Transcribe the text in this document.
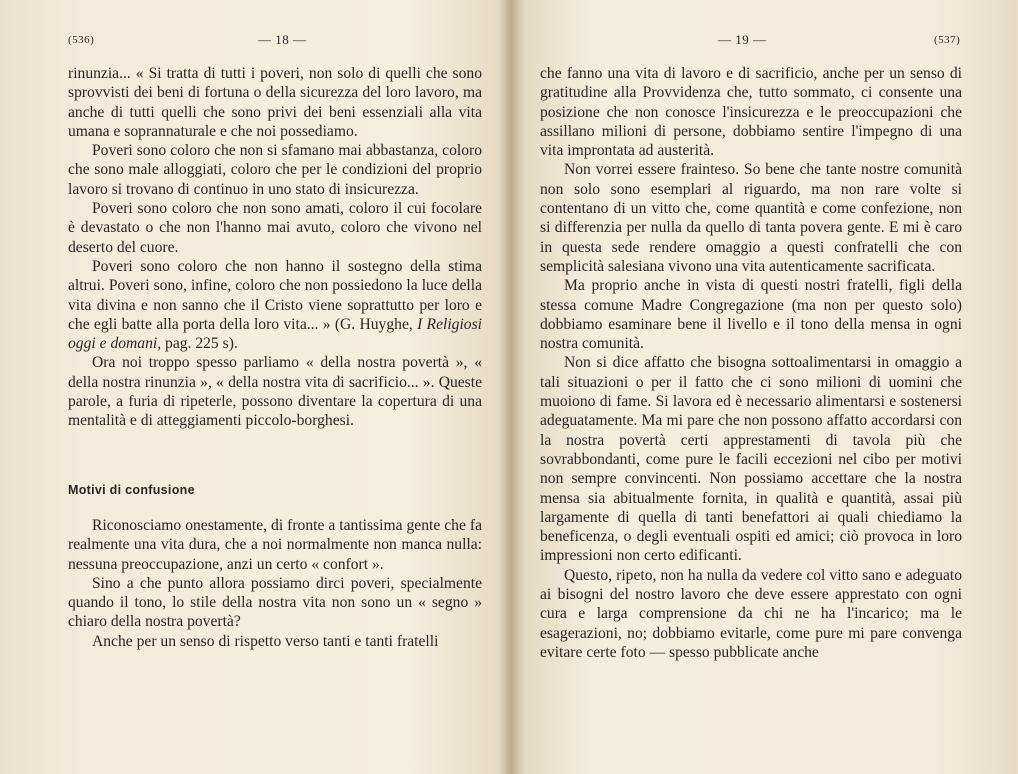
(536)	— 18 —

rinunzia... « Si tratta di tutti i poveri, non solo di quelli che sono sprovvisti dei beni di fortuna o della sicurezza del loro lavoro, ma anche di tutti quelli che sono privi dei beni essenziali alla vita umana e soprannaturale e che noi possediamo.

Poveri sono coloro che non si sfamano mai abbastanza, coloro che sono male alloggiati, coloro che per le condizioni del proprio lavoro si trovano di continuo in uno stato di insicurezza.

Poveri sono coloro che non sono amati, coloro il cui focolare è devastato o che non l'hanno mai avuto, coloro che vivono nel deserto del cuore.

Poveri sono coloro che non hanno il sostegno della stima altrui. Poveri sono, infine, coloro che non possiedono la luce della vita divina e non sanno che il Cristo viene soprattutto per loro e che egli batte alla porta della loro vita... » (G. Huyghe, I Religiosi oggi e domani, pag. 225 s).

Ora noi troppo spesso parliamo « della nostra povertà », « della nostra rinunzia », « della nostra vita di sacrificio... ». Queste parole, a furia di ripeterle, possono diventare la copertura di una mentalità e di atteggiamenti piccolo-borghesi.

Motivi di confusione

Riconosciamo onestamente, di fronte a tantissima gente che fa realmente una vita dura, che a noi normalmente non manca nulla: nessuna preoccupazione, anzi un certo « confort ».

Sino a che punto allora possiamo dirci poveri, specialmente quando il tono, lo stile della nostra vita non sono un « segno » chiaro della nostra povertà?

Anche per un senso di rispetto verso tanti e tanti fratelli

— 19 —	(537)

che fanno una vita di lavoro e di sacrificio, anche per un senso di gratitudine alla Provvidenza che, tutto sommato, ci consente una posizione che non conosce l'insicurezza e le preoccupazioni che assillano milioni di persone, dobbiamo sentire l'impegno di una vita improntata ad austerità.

Non vorrei essere frainteso. So bene che tante nostre comunità non solo sono esemplari al riguardo, ma non rare volte si contentano di un vitto che, come quantità e come confezione, non si differenzia per nulla da quello di tanta povera gente. E mi è caro in questa sede rendere omaggio a questi confratelli che con semplicità salesiana vivono una vita autenticamente sacrificata.

Ma proprio anche in vista di questi nostri fratelli, figli della stessa comune Madre Congregazione (ma non per questo solo) dobbiamo esaminare bene il livello e il tono della mensa in ogni nostra comunità.

Non si dice affatto che bisogna sottoalimentarsi in omaggio a tali situazioni o per il fatto che ci sono milioni di uomini che muoiono di fame. Si lavora ed è necessario alimentarsi e sostenersi adeguatamente. Ma mi pare che non possono affatto accordarsi con la nostra povertà certi apprestamenti di tavola più che sovrabbondanti, come pure le facili eccezioni nel cibo per motivi non sempre convincenti. Non possiamo accettare che la nostra mensa sia abitualmente fornita, in qualità e quantità, assai più largamente di quella di tanti benefattori ai quali chiediamo la beneficenza, o degli eventuali ospiti ed amici; ciò provoca in loro impressioni non certo edificanti.

Questo, ripeto, non ha nulla da vedere col vitto sano e adeguato ai bisogni del nostro lavoro che deve essere apprestato con ogni cura e larga comprensione da chi ne ha l'incarico; ma le esagerazioni, no; dobbiamo evitarle, come pure mi pare convenga evitare certe foto — spesso pubblicate anche
